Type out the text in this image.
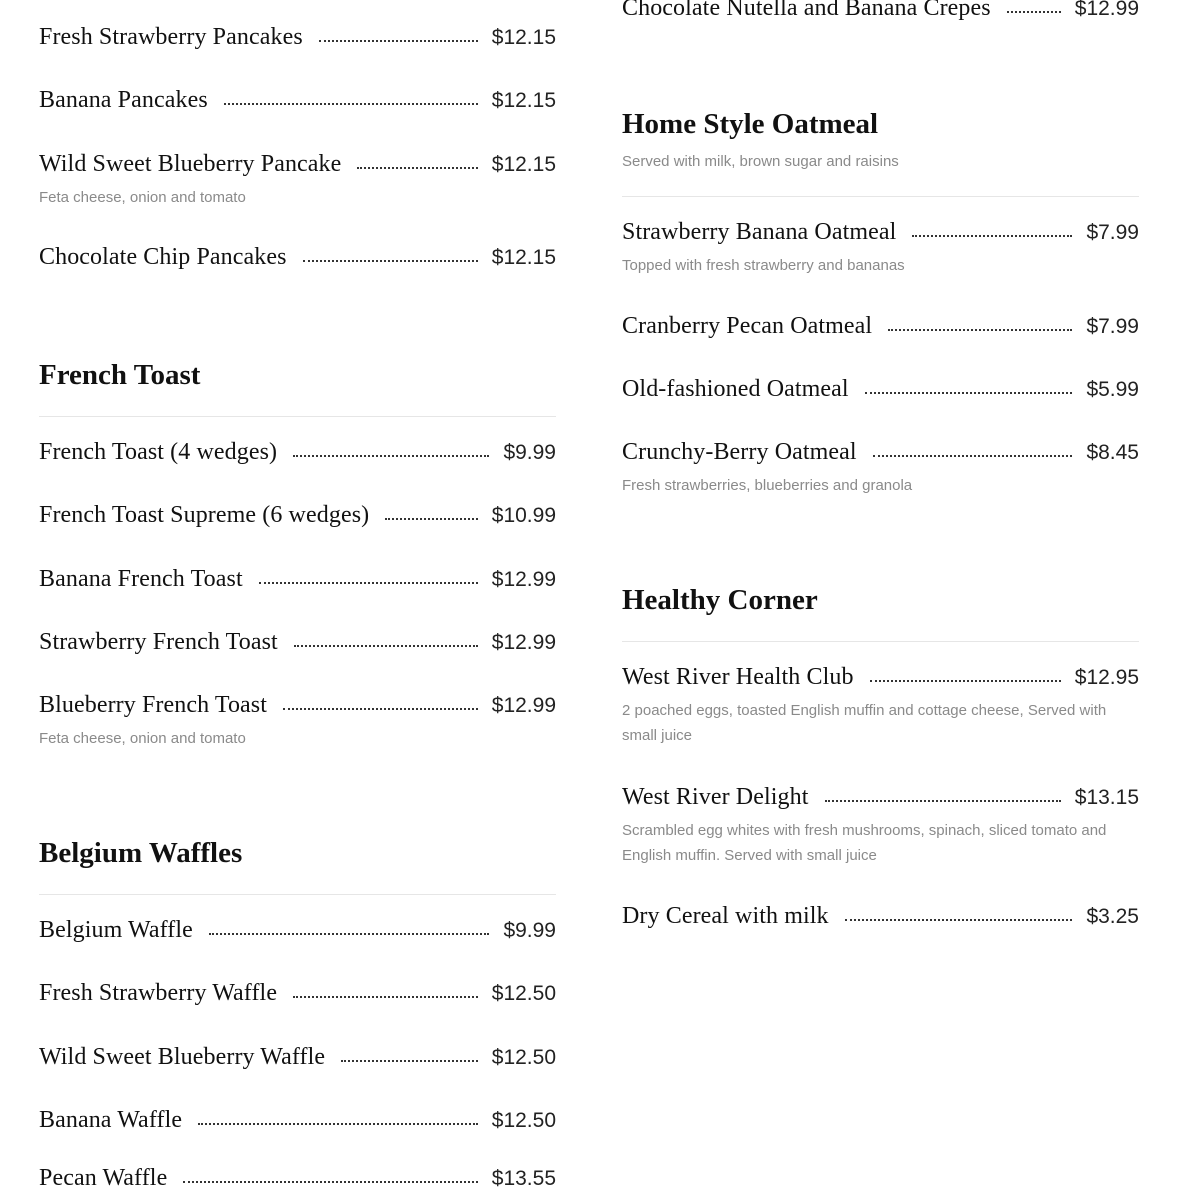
Fresh Strawberry Pancakes	$12.15
Banana Pancakes	$12.15
Wild Sweet Blueberry Pancake	$12.15
Feta cheese, onion and tomato
Chocolate Chip Pancakes	$12.15
French Toast
French Toast (4 wedges)	$9.99
French Toast Supreme (6 wedges)	$10.99
Banana French Toast	$12.99
Strawberry French Toast	$12.99
Blueberry French Toast	$12.99
Feta cheese, onion and tomato
Belgium Waffles
Belgium Waffle	$9.99
Fresh Strawberry Waffle	$12.50
Wild Sweet Blueberry Waffle	$12.50
Banana Waffle	$12.50
Pecan Waffle	$13.55
Chocolate Nutella and Banana Crepes	$12.99
Home Style Oatmeal
Served with milk, brown sugar and raisins
Strawberry Banana Oatmeal	$7.99
Topped with fresh strawberry and bananas
Cranberry Pecan Oatmeal	$7.99
Old-fashioned Oatmeal	$5.99
Crunchy-Berry Oatmeal	$8.45
Fresh strawberries, blueberries and granola
Healthy Corner
West River Health Club	$12.95
2 poached eggs, toasted English muffin and cottage cheese, Served with small juice
West River Delight	$13.15
Scrambled egg whites with fresh mushrooms, spinach, sliced tomato and English muffin. Served with small juice
Dry Cereal with milk	$3.25
